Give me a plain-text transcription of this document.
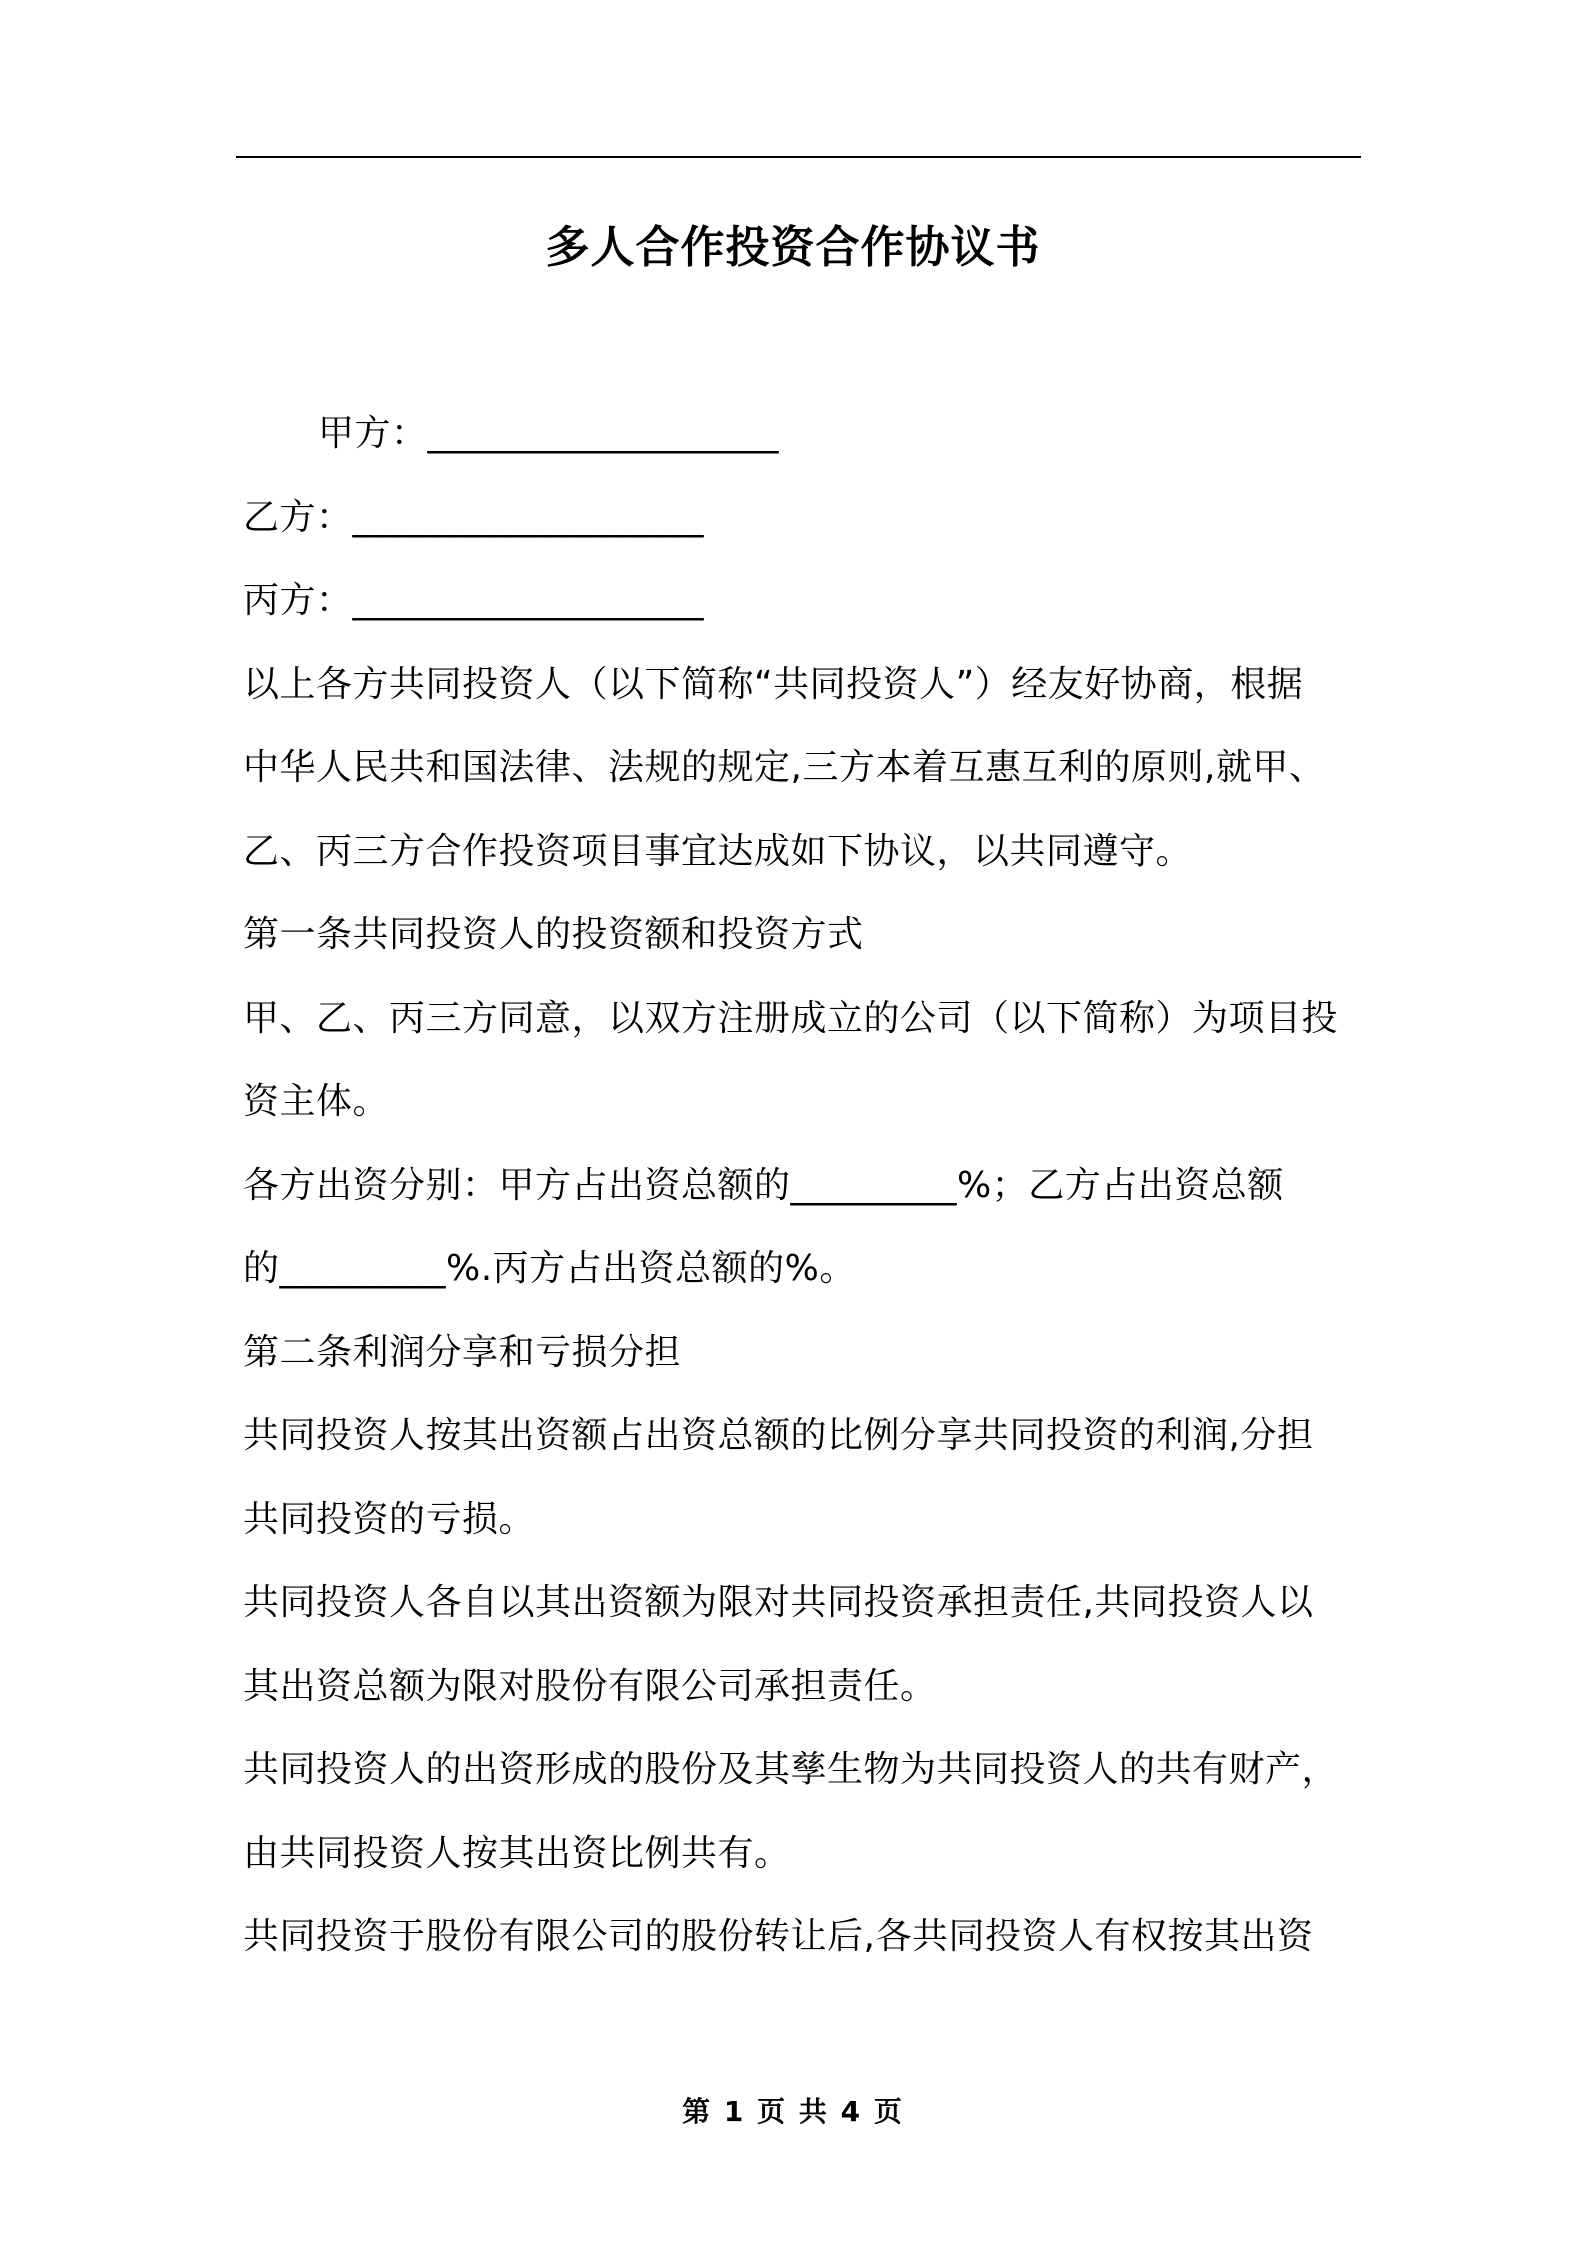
多人合作投资合作协议书
甲方：___________________
乙方：___________________
丙方：___________________
以上各方共同投资人（以下简称“共同投资人”）经友好协商，根据
中华人民共和国法律、法规的规定,三方本着互惠互利的原则,就甲、
乙、丙三方合作投资项目事宜达成如下协议，以共同遵守。
第一条共同投资人的投资额和投资方式
甲、乙、丙三方同意，以双方注册成立的公司（以下简称）为项目投
资主体。
各方出资分别：甲方占出资总额的_________%；乙方占出资总额
的_________%.丙方占出资总额的%。
第二条利润分享和亏损分担
共同投资人按其出资额占出资总额的比例分享共同投资的利润,分担
共同投资的亏损。
共同投资人各自以其出资额为限对共同投资承担责任,共同投资人以
其出资总额为限对股份有限公司承担责任。
共同投资人的出资形成的股份及其孳生物为共同投资人的共有财产，
由共同投资人按其出资比例共有。
共同投资于股份有限公司的股份转让后,各共同投资人有权按其出资
第 1 页 共 4 页
